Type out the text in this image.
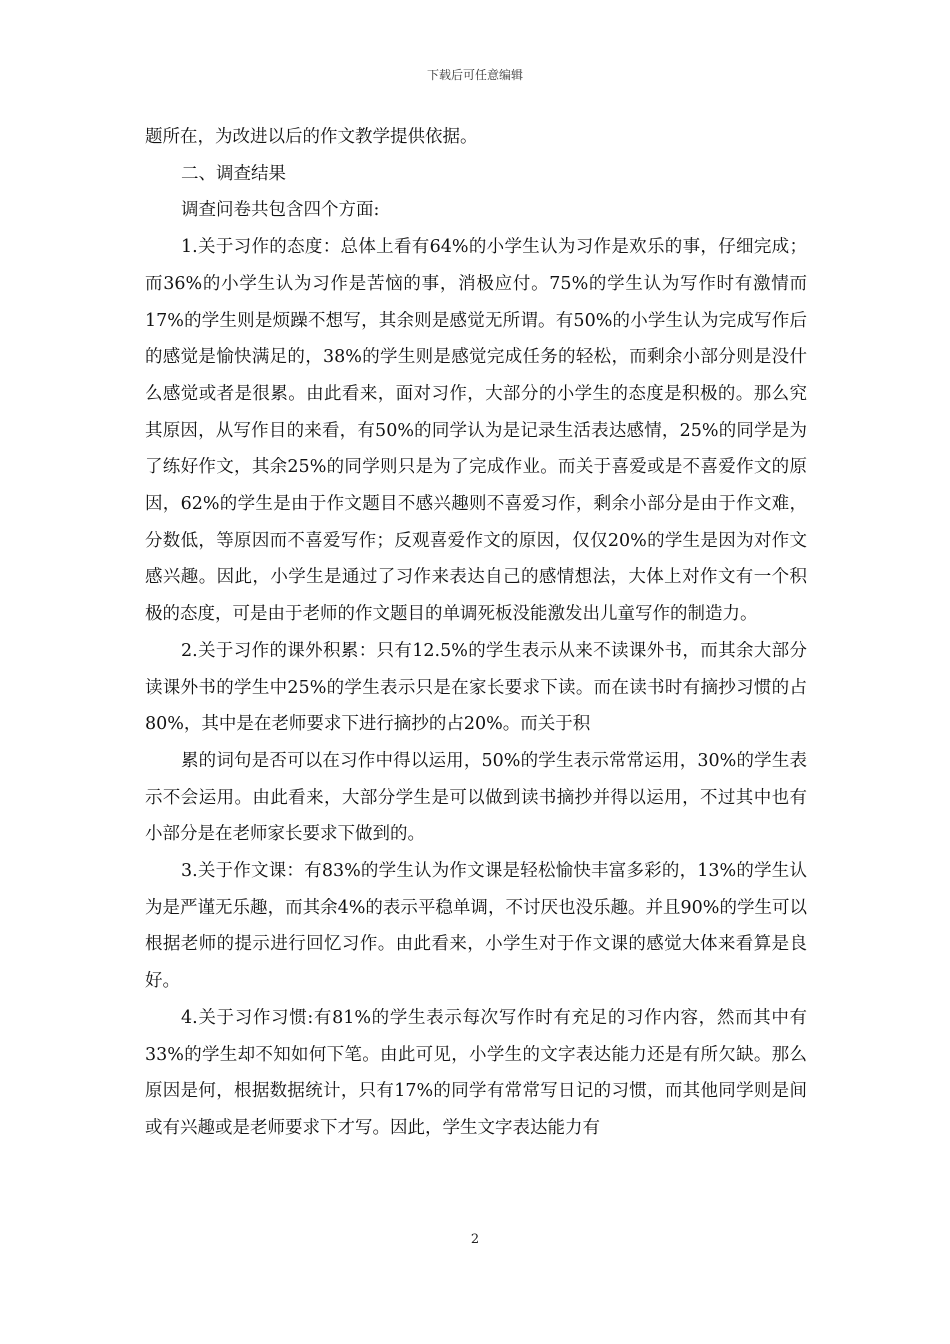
下载后可任意编辑

题所在，为改进以后的作文教学提供依据。

二、调查结果

调查问卷共包含四个方面:

1.关于习作的态度：总体上看有64%的小学生认为习作是欢乐的事，仔细完成；而36%的小学生认为习作是苦恼的事，消极应付。75%的学生认为写作时有激情而17%的学生则是烦躁不想写，其余则是感觉无所谓。有50%的小学生认为完成写作后的感觉是愉快满足的，38%的学生则是感觉完成任务的轻松，而剩余小部分则是没什么感觉或者是很累。由此看来，面对习作，大部分的小学生的态度是积极的。那么究其原因，从写作目的来看，有50%的同学认为是记录生活表达感情，25%的同学是为了练好作文，其余25%的同学则只是为了完成作业。而关于喜爱或是不喜爱作文的原因，62%的学生是由于作文题目不感兴趣则不喜爱习作，剩余小部分是由于作文难，分数低，等原因而不喜爱写作；反观喜爱作文的原因，仅仅20%的学生是因为对作文感兴趣。因此，小学生是通过了习作来表达自己的感情想法，大体上对作文有一个积极的态度，可是由于老师的作文题目的单调死板没能激发出儿童写作的制造力。

2.关于习作的课外积累：只有12.5%的学生表示从来不读课外书，而其余大部分读课外书的学生中25%的学生表示只是在家长要求下读。而在读书时有摘抄习惯的占80%，其中是在老师要求下进行摘抄的占20%。而关于积

累的词句是否可以在习作中得以运用，50%的学生表示常常运用，30%的学生表示不会运用。由此看来，大部分学生是可以做到读书摘抄并得以运用，不过其中也有小部分是在老师家长要求下做到的。

3.关于作文课：有83%的学生认为作文课是轻松愉快丰富多彩的，13%的学生认为是严谨无乐趣，而其余4%的表示平稳单调，不讨厌也没乐趣。并且90%的学生可以根据老师的提示进行回忆习作。由此看来，小学生对于作文课的感觉大体来看算是良好。

4.关于习作习惯:有81%的学生表示每次写作时有充足的习作内容，然而其中有33%的学生却不知如何下笔。由此可见，小学生的文字表达能力还是有所欠缺。那么原因是何，根据数据统计，只有17%的同学有常常写日记的习惯，而其他同学则是间或有兴趣或是老师要求下才写。因此，学生文字表达能力有

2
